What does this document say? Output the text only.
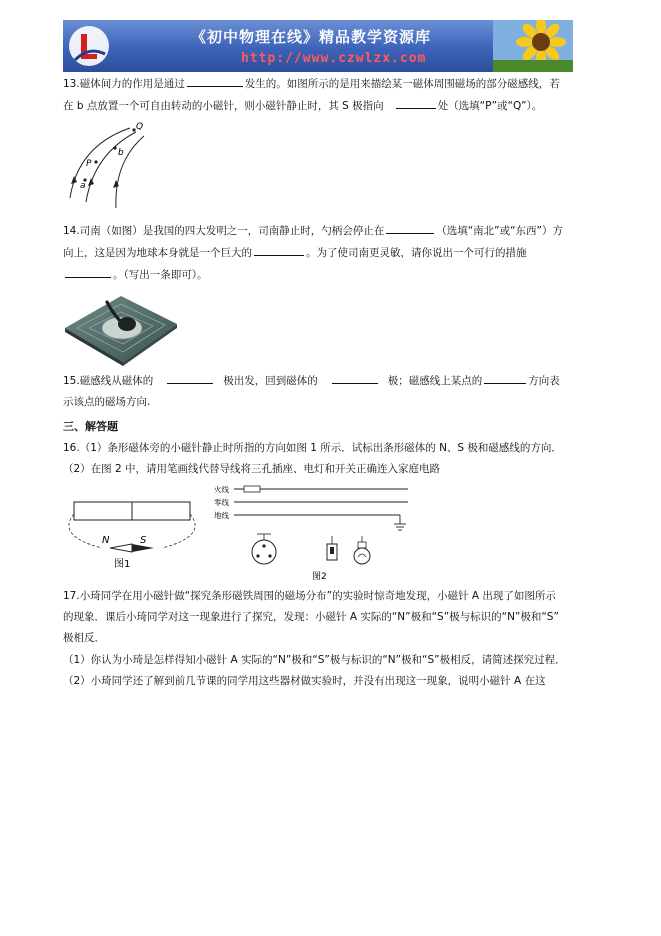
《初中物理在线》精品教学资源库
http://www.czwlzx.com
13.磁体间力的作用是通过	发生的。如图所示的是用来描绘某一磁体周围磁场的部分磁感线，若
在 b 点放置一个可自由转动的小磁针，则小磁针静止时，其 S 极指向	处（选填“P”或“Q”）。
Q
P
b
a
14.司南（如图）是我国的四大发明之一，司南静止时，勺柄会停止在	（选填“南北”或“东西”）方
向上，这是因为地球本身就是一个巨大的	。为了使司南更灵敏，请你说出一个可行的措施
。（写出一条即可）。
15.磁感线从磁体的	极出发，回到磁体的	极；磁感线上某点的	方向表
示该点的磁场方向.
三、解答题
16.（1）条形磁体旁的小磁针静止时所指的方向如图 1 所示．试标出条形磁体的 N、S 极和磁感线的方向．
（2）在图 2 中，请用笔画线代替导线将三孔插座、电灯和开关正确连入家庭电路
N	S
图1
火线
零线
地线
图2
17.小琦同学在用小磁针做“探究条形磁铁周围的磁场分布”的实验时惊奇地发现，小磁针 A 出现了如图所示
的现象．课后小琦同学对这一现象进行了探究，发现：小磁针 A 实际的“N”极和“S”极与标识的“N”极和“S”
极相反．
（1）你认为小琦是怎样得知小磁针 A 实际的“N”极和“S”极与标识的“N”极和“S”极相反，请简述探究过程．
（2）小琦同学还了解到前几节课的同学用这些器材做实验时，并没有出现这一现象，说明小磁针 A 在这
